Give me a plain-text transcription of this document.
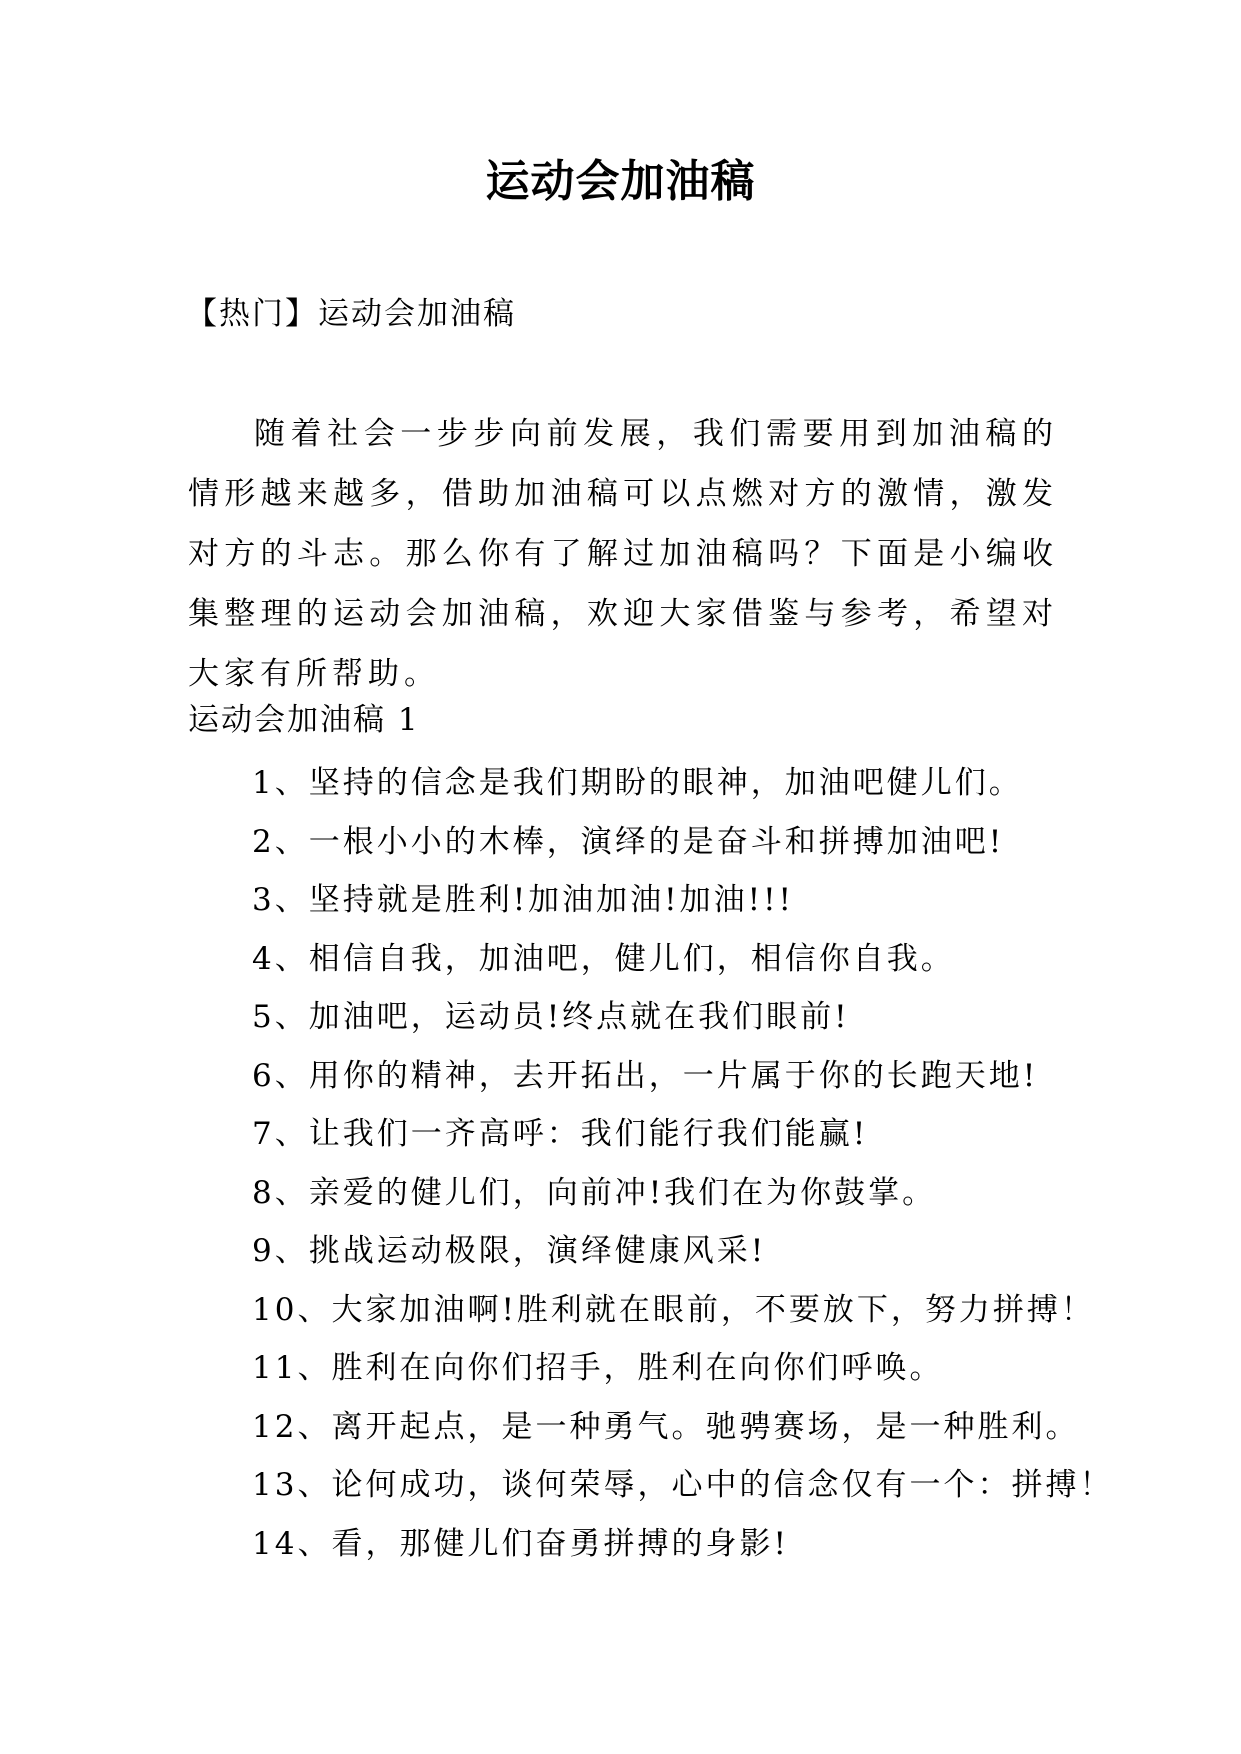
运动会加油稿
【热门】运动会加油稿

随着社会一步步向前发展，我们需要用到加油稿的情形越来越多，借助加油稿可以点燃对方的激情，激发对方的斗志。那么你有了解过加油稿吗？下面是小编收集整理的运动会加油稿，欢迎大家借鉴与参考，希望对大家有所帮助。

运动会加油稿 1
1、坚持的信念是我们期盼的眼神，加油吧健儿们。
2、一根小小的木棒，演绎的是奋斗和拼搏加油吧!
3、坚持就是胜利!加油加油!加油!!!
4、相信自我，加油吧，健儿们，相信你自我。
5、加油吧，运动员!终点就在我们眼前!
6、用你的精神，去开拓出，一片属于你的长跑天地!
7、让我们一齐高呼：我们能行我们能赢!
8、亲爱的健儿们，向前冲!我们在为你鼓掌。
9、挑战运动极限，演绎健康风采!
10、大家加油啊!胜利就在眼前，不要放下，努力拼搏！
11、胜利在向你们招手，胜利在向你们呼唤。
12、离开起点，是一种勇气。驰骋赛场，是一种胜利。
13、论何成功，谈何荣辱，心中的信念仅有一个：拼搏！
14、看，那健儿们奋勇拼搏的身影!
